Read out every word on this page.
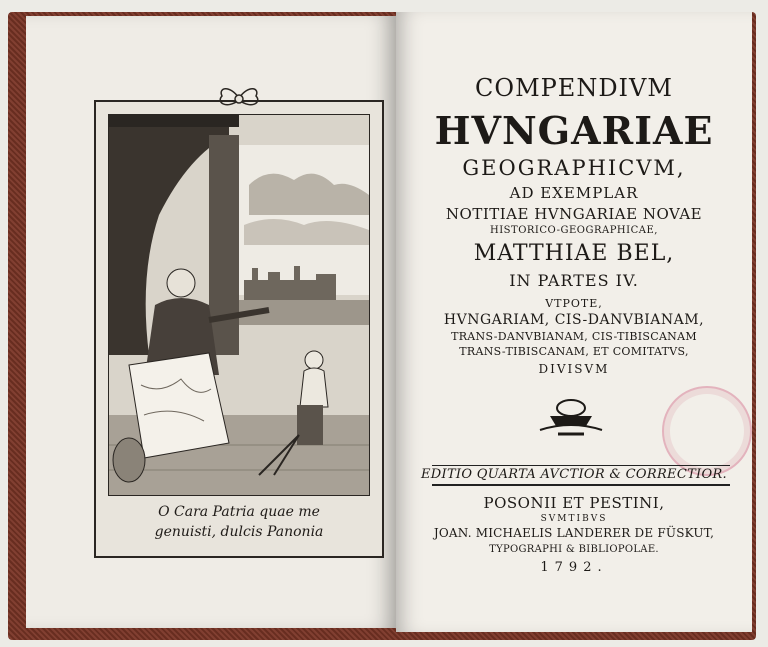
O Cara Patria quae me
genuisti, dulcis Panonia
COMPENDIVM
HVNGARIAE
GEOGRAPHICVM,
AD EXEMPLAR
NOTITIAE HVNGARIAE NOVAE
HISTORICO-GEOGRAPHICAE,
MATTHIAE BEL,
IN PARTES IV.
VTPOTE,
HVNGARIAM, CIS-DANVBIANAM,
TRANS-DANVBIANAM, CIS-TIBISCANAM
TRANS-TIBISCANAM, ET COMITATVS,
DIVISVM
EDITIO QUARTA AVCTIOR & CORRECTIOR.
POSONII ET PESTINI,
SVMTIBVS
JOAN. MICHAELIS LANDERER DE FÜSKUT,
TYPOGRAPHI & BIBLIOPOLAE.
1792.
